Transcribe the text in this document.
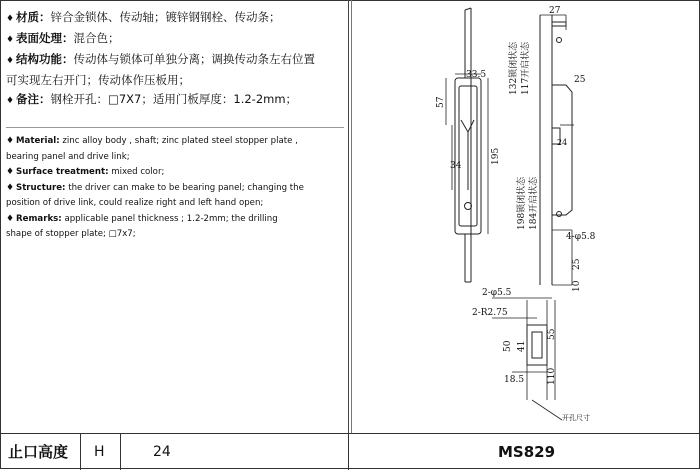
♦ 材质：锌合金锁体、传动轴；镀锌钢钢栓、传动条；
♦ 表面处理：混合色；
♦ 结构功能：传动体与锁体可单独分离；调换传动条左右位置
可实现左右开门；传动体作压板用；
♦ 备注：钢栓开孔：□7X7；适用门板厚度：1.2-2mm；
♦ Material: zinc alloy body , shaft; zinc plated steel stopper plate ,
bearing panel and drive link;
♦ Surface treatment: mixed color;
♦ Structure: the driver can make to be bearing panel; changing the
position of drive link, could realize right and left hand open;
♦ Remarks: applicable panel thickness ; 1.2-2mm; the drilling
shape of stopper plate; □7x7;
33.5
57
34
195
27
25
24
132锁闭状态 117开启状态
198锁闭状态 184开启状态
4-φ5.8
25
10
2-φ5.5
2-R2.75
55
50 41
18.5	110
开孔尺寸
止口高度 H	24	MS829
